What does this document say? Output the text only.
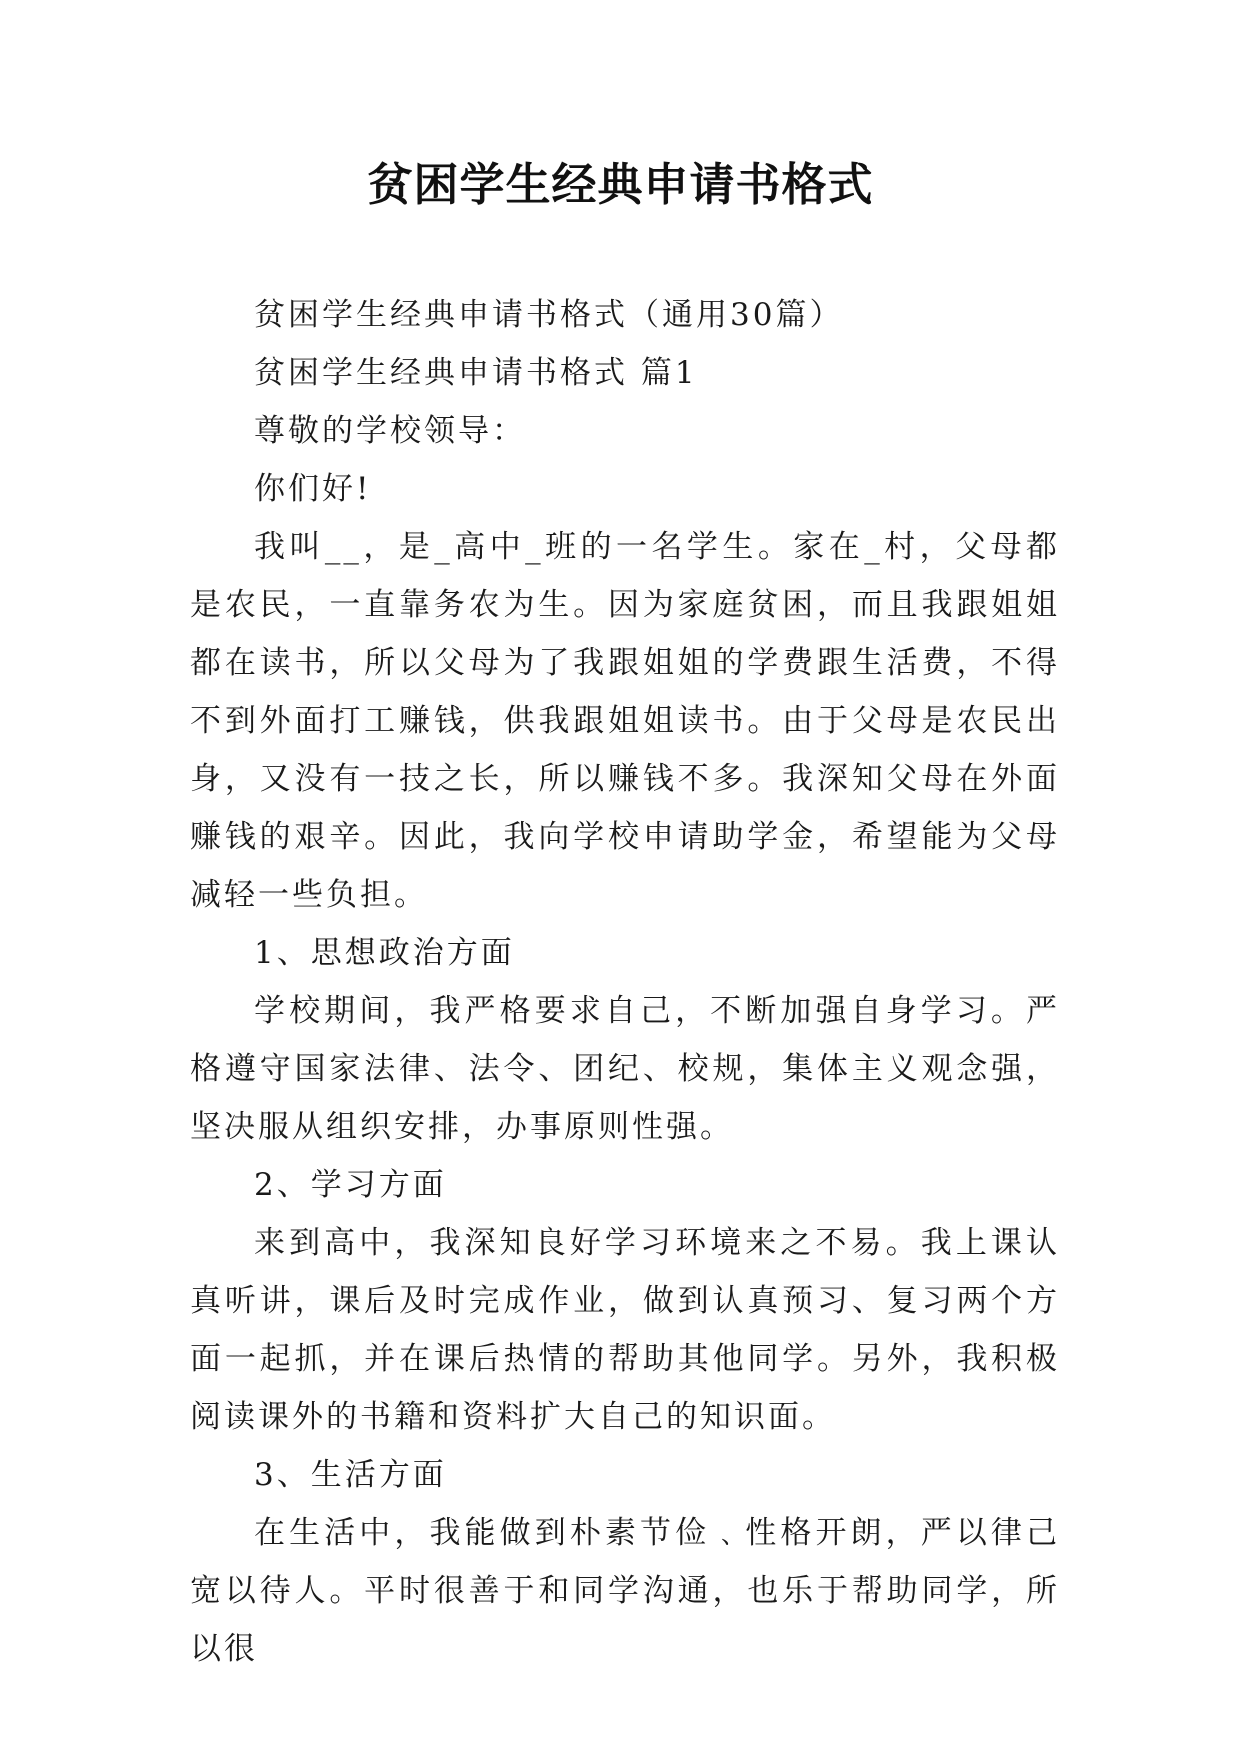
贫困学生经典申请书格式

贫困学生经典申请书格式（通用30篇）

贫困学生经典申请书格式 篇1

尊敬的学校领导：

你们好!

我叫__，是_高中_班的一名学生。家在_村，父母都是农民，一直靠务农为生。因为家庭贫困，而且我跟姐姐都在读书，所以父母为了我跟姐姐的学费跟生活费，不得不到外面打工赚钱，供我跟姐姐读书。由于父母是农民出身，又没有一技之长，所以赚钱不多。我深知父母在外面赚钱的艰辛。因此，我向学校申请助学金，希望能为父母减轻一些负担。

1、思想政治方面

学校期间，我严格要求自己，不断加强自身学习。严格遵守国家法律、法令、团纪、校规，集体主义观念强，坚决服从组织安排，办事原则性强。

2、学习方面

来到高中，我深知良好学习环境来之不易。我上课认真听讲，课后及时完成作业，做到认真预习、复习两个方面一起抓，并在课后热情的帮助其他同学。另外，我积极阅读课外的书籍和资料扩大自己的知识面。

3、生活方面

在生活中，我能做到朴素节俭﹑性格开朗，严以律己宽以待人。平时很善于和同学沟通，也乐于帮助同学，所以很
